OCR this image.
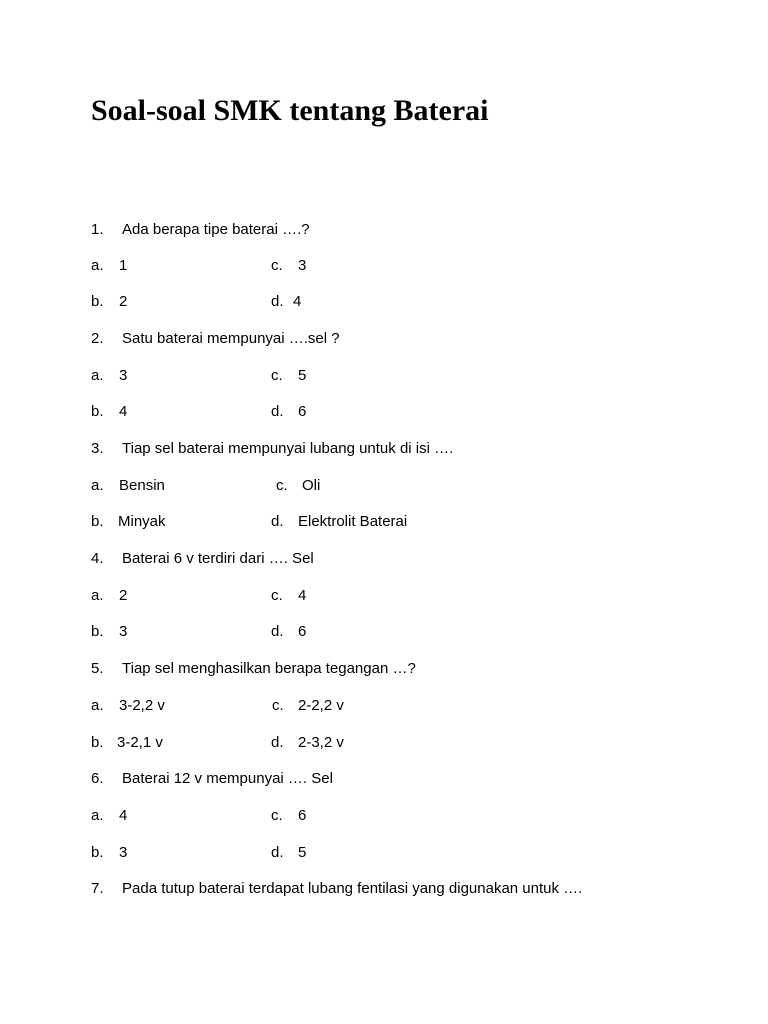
Soal-soal SMK tentang Baterai
1. Ada berapa tipe baterai ….?
a. 1	c. 3
b. 2	d. 4
2. Satu baterai mempunyai ….sel ?
a. 3	c. 5
b. 4	d. 6
3. Tiap sel baterai mempunyai lubang untuk di isi ….
a. Bensin	c. Oli
b. Minyak	d. Elektrolit Baterai
4. Baterai 6 v terdiri dari …. Sel
a. 2	c. 4
b. 3	d. 6
5. Tiap sel menghasilkan berapa tegangan …?
a. 3-2,2 v	c. 2-2,2 v
b. 3-2,1 v	d. 2-3,2 v
6. Baterai 12 v mempunyai …. Sel
a. 4	c. 6
b. 3	d. 5
7. Pada tutup baterai terdapat lubang fentilasi yang digunakan untuk ….
